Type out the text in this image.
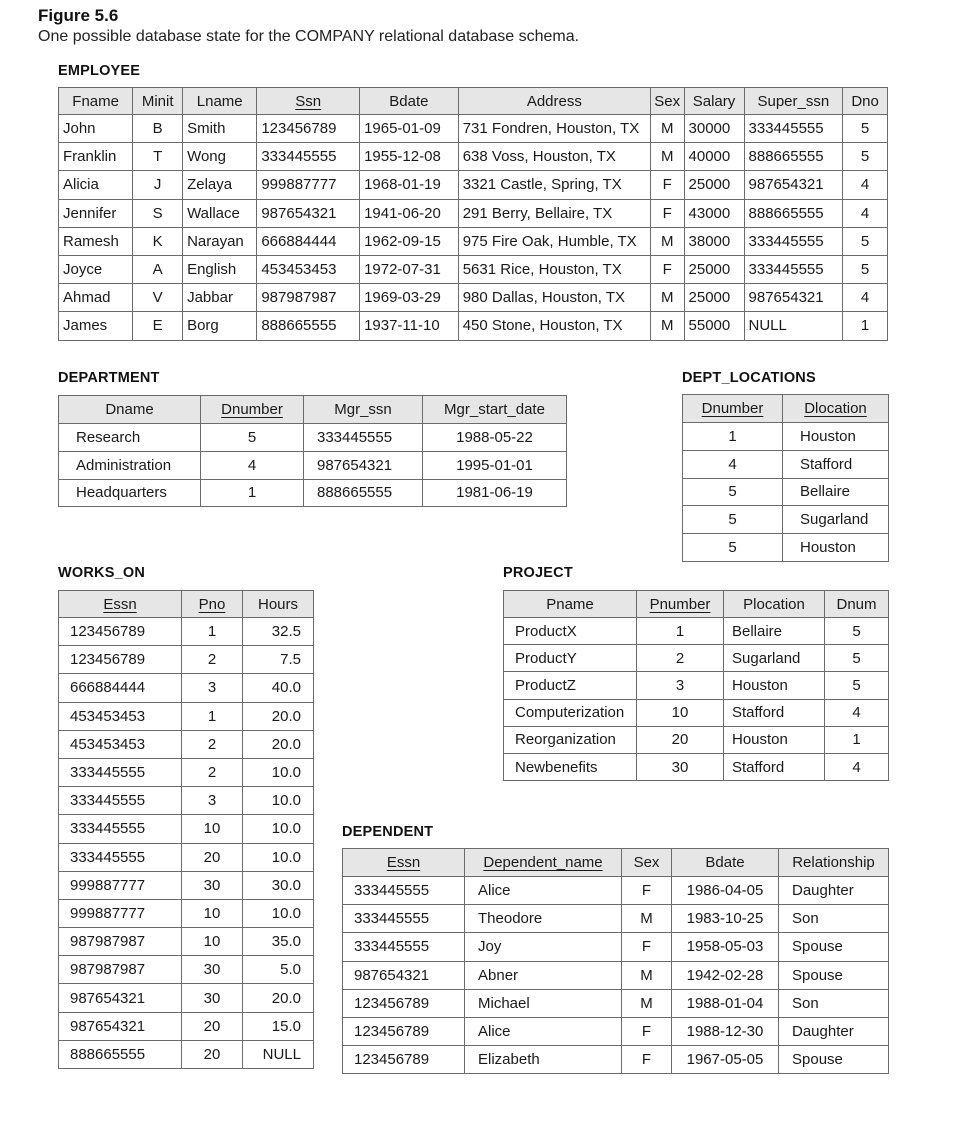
Figure 5.6
One possible database state for the COMPANY relational database schema.
EMPLOYEE
Fname	Minit	Lname	Ssn	Bdate	Address	Sex	Salary	Super_ssn	Dno
John	B	Smith	123456789	1965-01-09	731 Fondren, Houston, TX	M	30000	333445555	5
Franklin	T	Wong	333445555	1955-12-08	638 Voss, Houston, TX	M	40000	888665555	5
Alicia	J	Zelaya	999887777	1968-01-19	3321 Castle, Spring, TX	F	25000	987654321	4
Jennifer	S	Wallace	987654321	1941-06-20	291 Berry, Bellaire, TX	F	43000	888665555	4
Ramesh	K	Narayan	666884444	1962-09-15	975 Fire Oak, Humble, TX	M	38000	333445555	5
Joyce	A	English	453453453	1972-07-31	5631 Rice, Houston, TX	F	25000	333445555	5
Ahmad	V	Jabbar	987987987	1969-03-29	980 Dallas, Houston, TX	M	25000	987654321	4
James	E	Borg	888665555	1937-11-10	450 Stone, Houston, TX	M	55000	NULL	1
DEPARTMENT
Dname	Dnumber	Mgr_ssn	Mgr_start_date
Research	5	333445555	1988-05-22
Administration	4	987654321	1995-01-01
Headquarters	1	888665555	1981-06-19
DEPT_LOCATIONS
Dnumber	Dlocation
1	Houston
4	Stafford
5	Bellaire
5	Sugarland
5	Houston
WORKS_ON
Essn	Pno	Hours
123456789	1	32.5
123456789	2	7.5
666884444	3	40.0
453453453	1	20.0
453453453	2	20.0
333445555	2	10.0
333445555	3	10.0
333445555	10	10.0
333445555	20	10.0
999887777	30	30.0
999887777	10	10.0
987987987	10	35.0
987987987	30	5.0
987654321	30	20.0
987654321	20	15.0
888665555	20	NULL
PROJECT
Pname	Pnumber	Plocation	Dnum
ProductX	1	Bellaire	5
ProductY	2	Sugarland	5
ProductZ	3	Houston	5
Computerization	10	Stafford	4
Reorganization	20	Houston	1
Newbenefits	30	Stafford	4
DEPENDENT
Essn	Dependent_name	Sex	Bdate	Relationship
333445555	Alice	F	1986-04-05	Daughter
333445555	Theodore	M	1983-10-25	Son
333445555	Joy	F	1958-05-03	Spouse
987654321	Abner	M	1942-02-28	Spouse
123456789	Michael	M	1988-01-04	Son
123456789	Alice	F	1988-12-30	Daughter
123456789	Elizabeth	F	1967-05-05	Spouse
